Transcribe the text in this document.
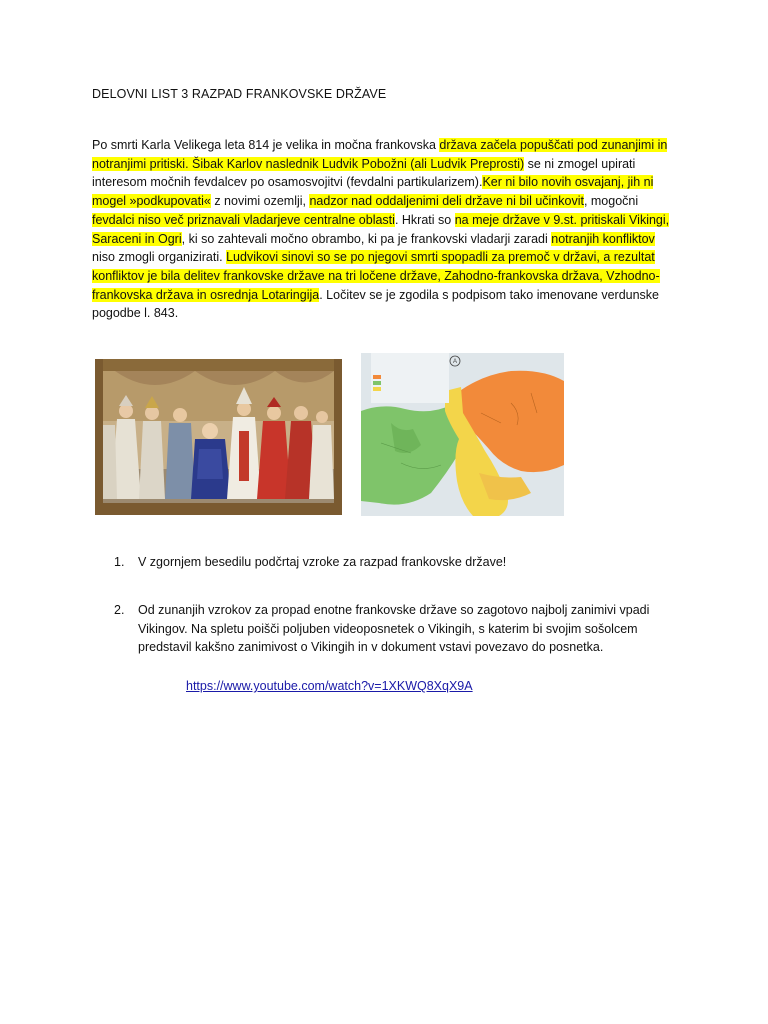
DELOVNI LIST 3 RAZPAD FRANKOVSKE DRŽAVE
Po smrti Karla Velikega leta 814 je velika in močna frankovska država začela popuščati pod zunanjimi in notranjimi pritiski. Šibak Karlov naslednik Ludvik Pobožni (ali Ludvik Preprosti) se ni zmogel upirati interesom močnih fevdalcev po osamosvojitvi (fevdalni partikularizem).Ker ni bilo novih osvajanj, jih ni mogel »podkupovati« z novimi ozemlji, nadzor nad oddaljenimi deli države ni bil učinkovit, mogočni fevdalci niso več priznavali vladarjeve centralne oblasti. Hkrati so na meje države v 9.st. pritiskali Vikingi, Saraceni in Ogri, ki so zahtevali močno obrambo, ki pa je frankovski vladarji zaradi notranjih konfliktov niso zmogli organizirati. Ludvikovi sinovi so se po njegovi smrti spopadli za premoč v državi, a rezultat konfliktov je bila delitev frankovske države na tri ločene države, Zahodno-frankovska država, Vzhodno-frankovska država in osrednja Lotaringija. Ločitev se je zgodila s podpisom tako imenovane verdunske pogodbe l. 843.
A
1.	V zgornjem besedilu podčrtaj vzroke za razpad frankovske države!
2.	Od zunanjih vzrokov za propad enotne frankovske države so zagotovo najbolj zanimivi vpadi Vikingov. Na spletu poišči poljuben videoposnetek o Vikingih, s katerim bi svojim sošolcem predstavil kakšno zanimivost o Vikingih in v dokument vstavi povezavo do posnetka.
https://www.youtube.com/watch?v=1XKWQ8XqX9A
